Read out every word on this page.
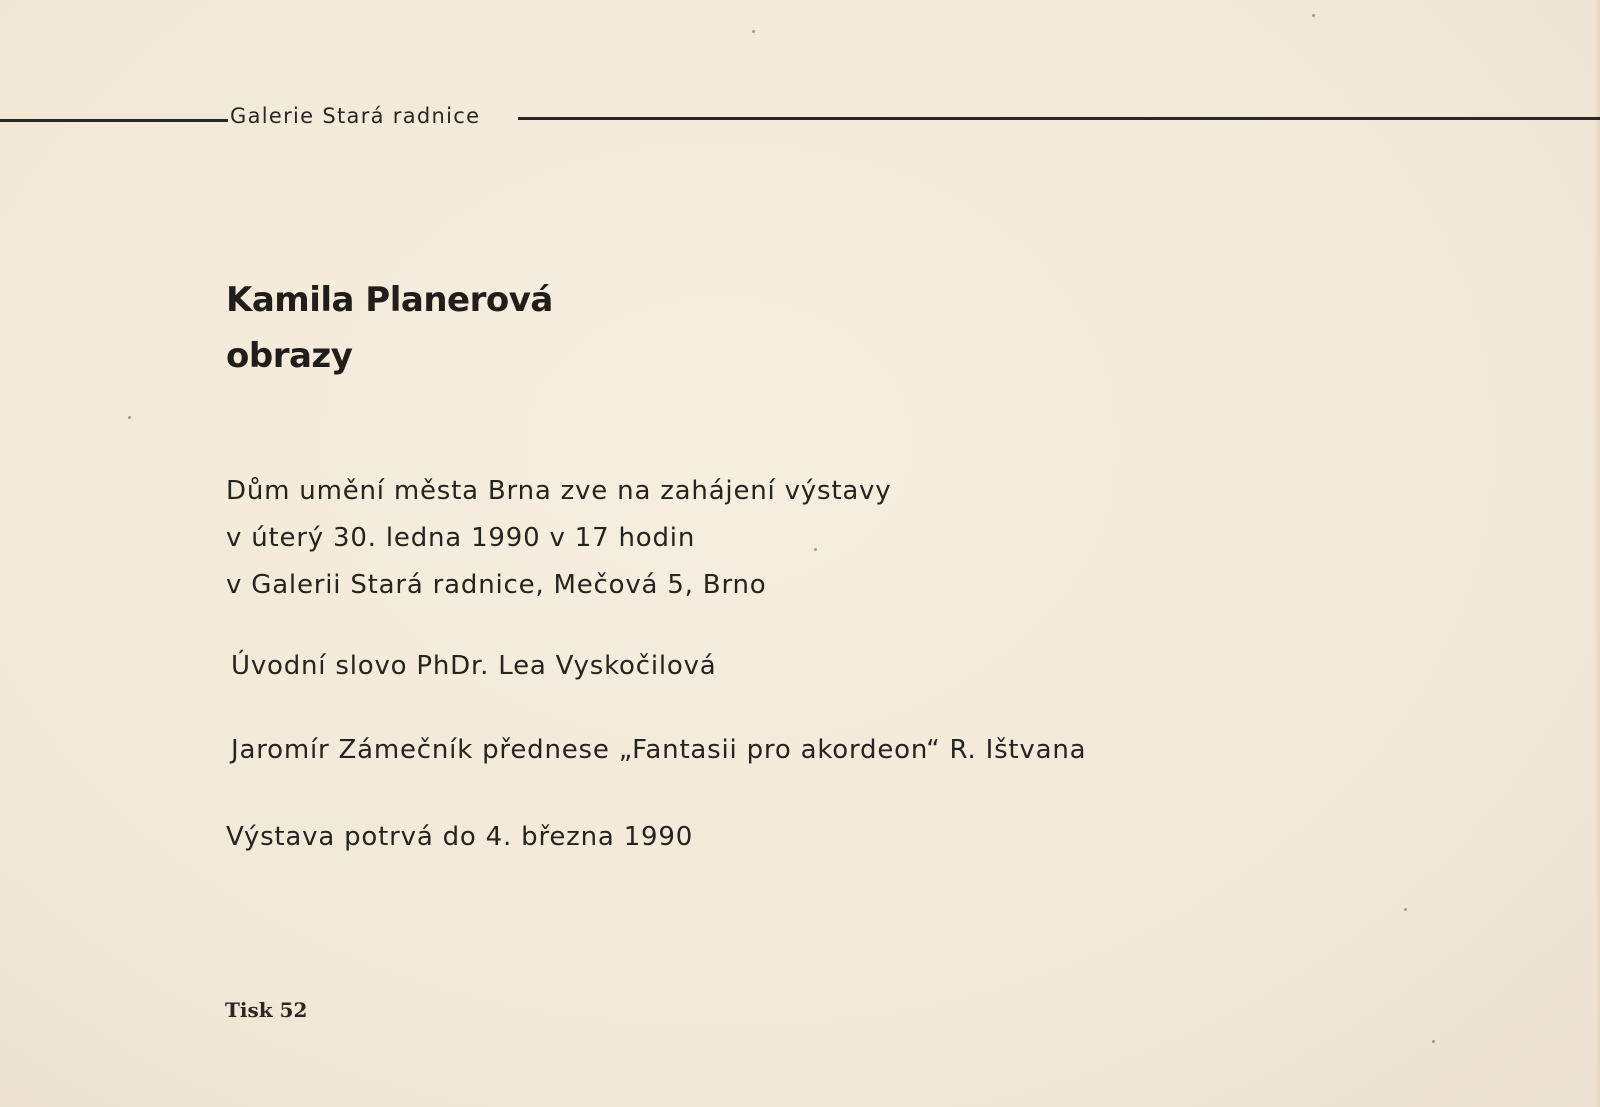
Galerie Stará radnice
Kamila Planerová
obrazy
Dům umění města Brna zve na zahájení výstavy
v úterý 30. ledna 1990 v 17 hodin
v Galerii Stará radnice, Mečová 5, Brno
Úvodní slovo PhDr. Lea Vyskočilová
Jaromír Zámečník přednese „Fantasii pro akordeon“ R. Ištvana
Výstava potrvá do 4. března 1990
Tisk 52
